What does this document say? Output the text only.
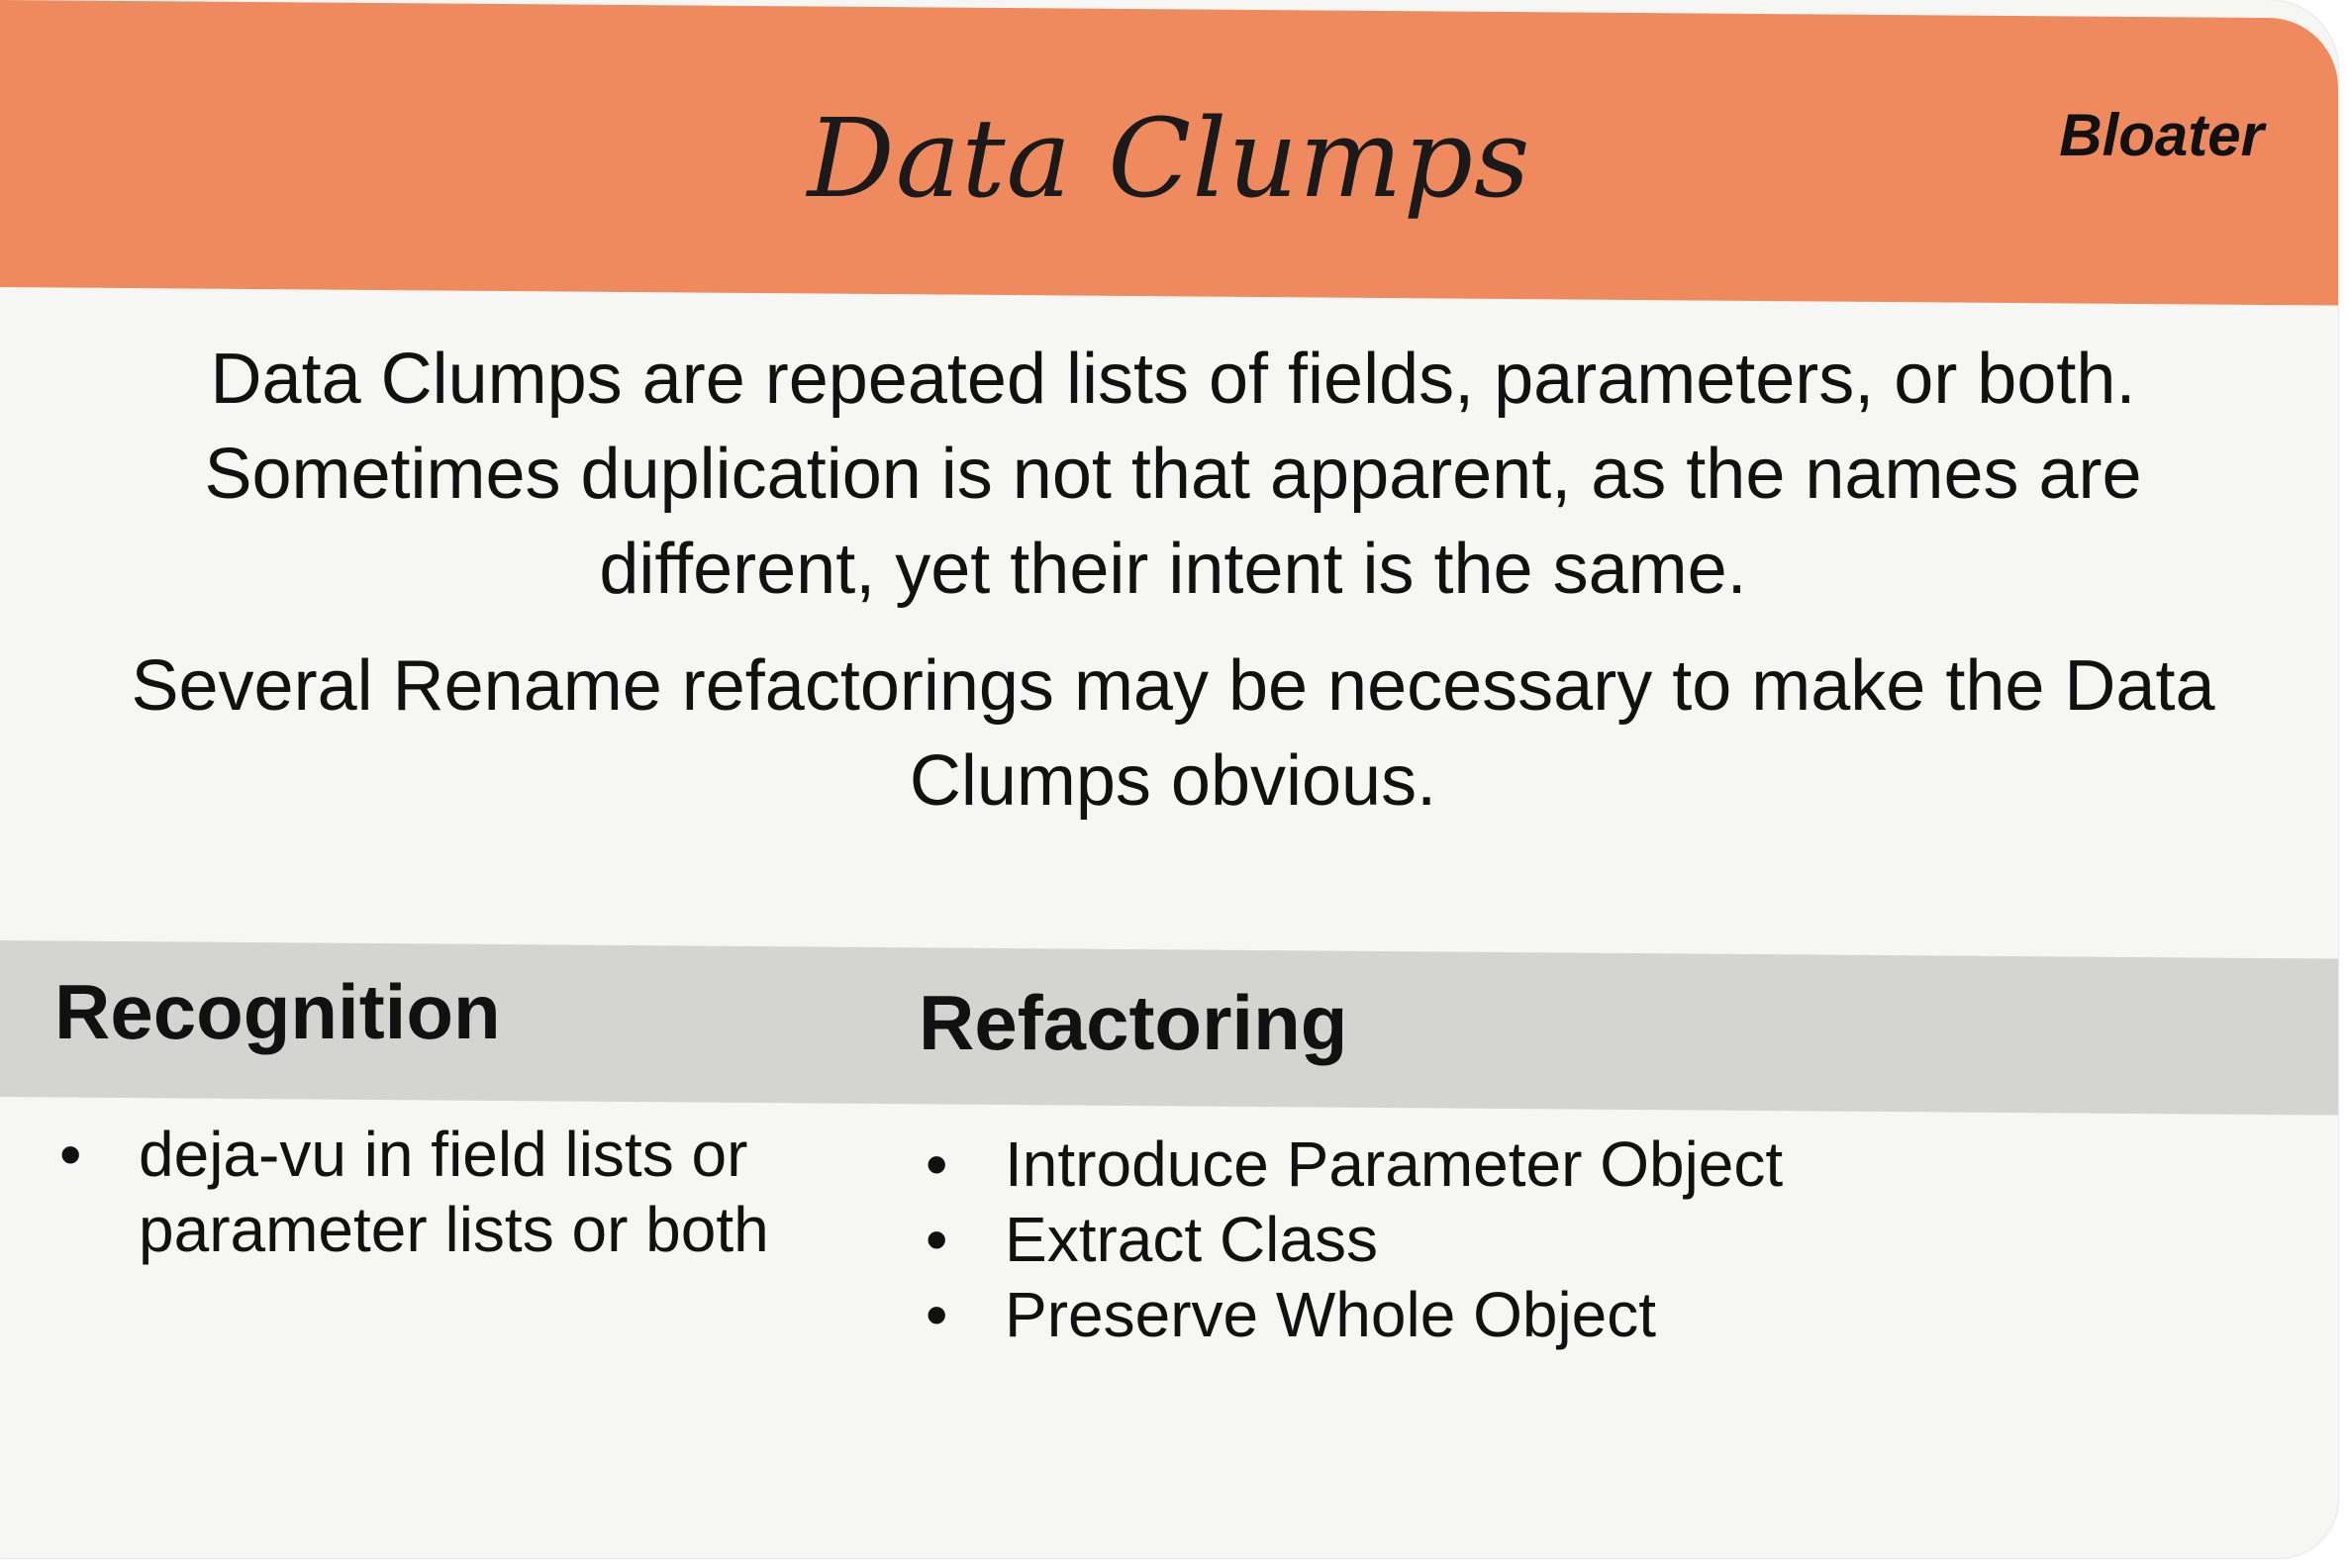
Data Clumps	Bloater

Data Clumps are repeated lists of fields, parameters, or both. Sometimes duplication is not that apparent, as the names are different, yet their intent is the same.

Several Rename refactorings may be necessary to make the Data Clumps obvious.

Recognition	Refactoring
• deja-vu in field lists or parameter lists or both
• Introduce Parameter Object
• Extract Class
• Preserve Whole Object
